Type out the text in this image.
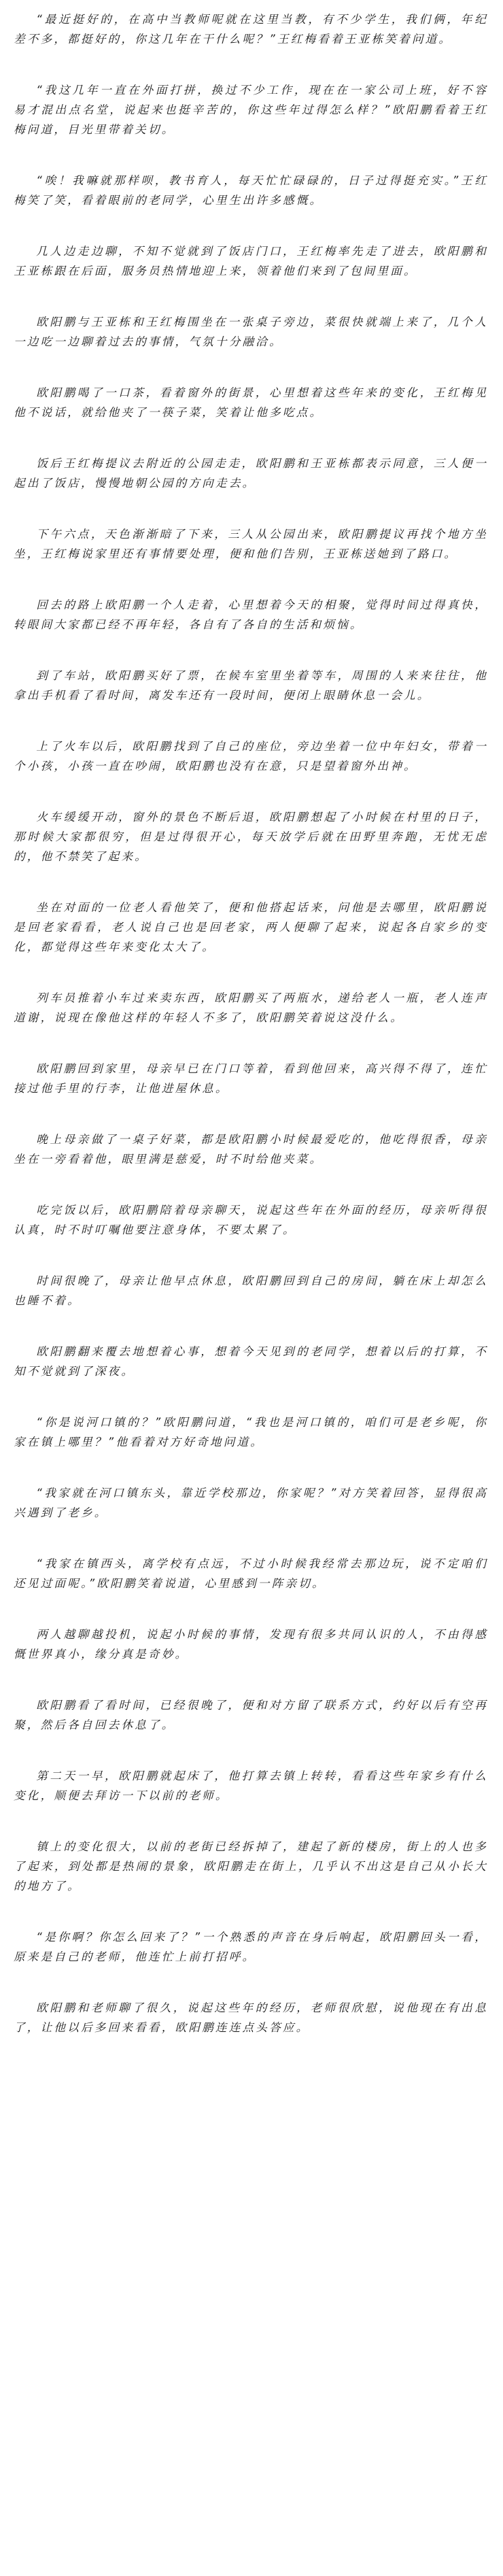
“最近挺好的，在高中当教师呢就在这里当教，有不少学生，我们俩，年纪差不多，都挺好的，你这几年在干什么呢？”王红梅看着王亚栋笑着问道。

“我这几年一直在外面打拼，换过不少工作，现在在一家公司上班，好不容易才混出点名堂，说起来也挺辛苦的，你这些年过得怎么样？”欧阳鹏看着王红梅问道，目光里带着关切。

“唉！我嘛就那样呗，教书育人，每天忙忙碌碌的，日子过得挺充实。”王红梅笑了笑，看着眼前的老同学，心里生出许多感慨。

几人边走边聊，不知不觉就到了饭店门口，王红梅率先走了进去，欧阳鹏和王亚栋跟在后面，服务员热情地迎上来，领着他们来到了包间里面。

欧阳鹏与王亚栋和王红梅围坐在一张桌子旁边，菜很快就端上来了，几个人一边吃一边聊着过去的事情，气氛十分融洽。

欧阳鹏喝了一口茶，看着窗外的街景，心里想着这些年来的变化，王红梅见他不说话，就给他夹了一筷子菜，笑着让他多吃点。

饭后王红梅提议去附近的公园走走，欧阳鹏和王亚栋都表示同意，三人便一起出了饭店，慢慢地朝公园的方向走去。

下午六点，天色渐渐暗了下来，三人从公园出来，欧阳鹏提议再找个地方坐坐，王红梅说家里还有事情要处理，便和他们告别，王亚栋送她到了路口。

回去的路上欧阳鹏一个人走着，心里想着今天的相聚，觉得时间过得真快，转眼间大家都已经不再年轻，各自有了各自的生活和烦恼。

到了车站，欧阳鹏买好了票，在候车室里坐着等车，周围的人来来往往，他拿出手机看了看时间，离发车还有一段时间，便闭上眼睛休息一会儿。

上了火车以后，欧阳鹏找到了自己的座位，旁边坐着一位中年妇女，带着一个小孩，小孩一直在吵闹，欧阳鹏也没有在意，只是望着窗外出神。

火车缓缓开动，窗外的景色不断后退，欧阳鹏想起了小时候在村里的日子，那时候大家都很穷，但是过得很开心，每天放学后就在田野里奔跑，无忧无虑的，他不禁笑了起来。

坐在对面的一位老人看他笑了，便和他搭起话来，问他是去哪里，欧阳鹏说是回老家看看，老人说自己也是回老家，两人便聊了起来，说起各自家乡的变化，都觉得这些年来变化太大了。

列车员推着小车过来卖东西，欧阳鹏买了两瓶水，递给老人一瓶，老人连声道谢，说现在像他这样的年轻人不多了，欧阳鹏笑着说这没什么。

欧阳鹏回到家里，母亲早已在门口等着，看到他回来，高兴得不得了，连忙接过他手里的行李，让他进屋休息。

晚上母亲做了一桌子好菜，都是欧阳鹏小时候最爱吃的，他吃得很香，母亲坐在一旁看着他，眼里满是慈爱，时不时给他夹菜。

吃完饭以后，欧阳鹏陪着母亲聊天，说起这些年在外面的经历，母亲听得很认真，时不时叮嘱他要注意身体，不要太累了。

时间很晚了，母亲让他早点休息，欧阳鹏回到自己的房间，躺在床上却怎么也睡不着。

欧阳鹏翻来覆去地想着心事，想着今天见到的老同学，想着以后的打算，不知不觉就到了深夜。

“你是说河口镇的？”欧阳鹏问道，“我也是河口镇的，咱们可是老乡呢，你家在镇上哪里？”他看着对方好奇地问道。

“我家就在河口镇东头，靠近学校那边，你家呢？”对方笑着回答，显得很高兴遇到了老乡。

“我家在镇西头，离学校有点远，不过小时候我经常去那边玩，说不定咱们还见过面呢。”欧阳鹏笑着说道，心里感到一阵亲切。

两人越聊越投机，说起小时候的事情，发现有很多共同认识的人，不由得感慨世界真小，缘分真是奇妙。

欧阳鹏看了看时间，已经很晚了，便和对方留了联系方式，约好以后有空再聚，然后各自回去休息了。

第二天一早，欧阳鹏就起床了，他打算去镇上转转，看看这些年家乡有什么变化，顺便去拜访一下以前的老师。

镇上的变化很大，以前的老街已经拆掉了，建起了新的楼房，街上的人也多了起来，到处都是热闹的景象，欧阳鹏走在街上，几乎认不出这是自己从小长大的地方了。

“是你啊？你怎么回来了？”一个熟悉的声音在身后响起，欧阳鹏回头一看，原来是自己的老师，他连忙上前打招呼。

欧阳鹏和老师聊了很久，说起这些年的经历，老师很欣慰，说他现在有出息了，让他以后多回来看看，欧阳鹏连连点头答应。
